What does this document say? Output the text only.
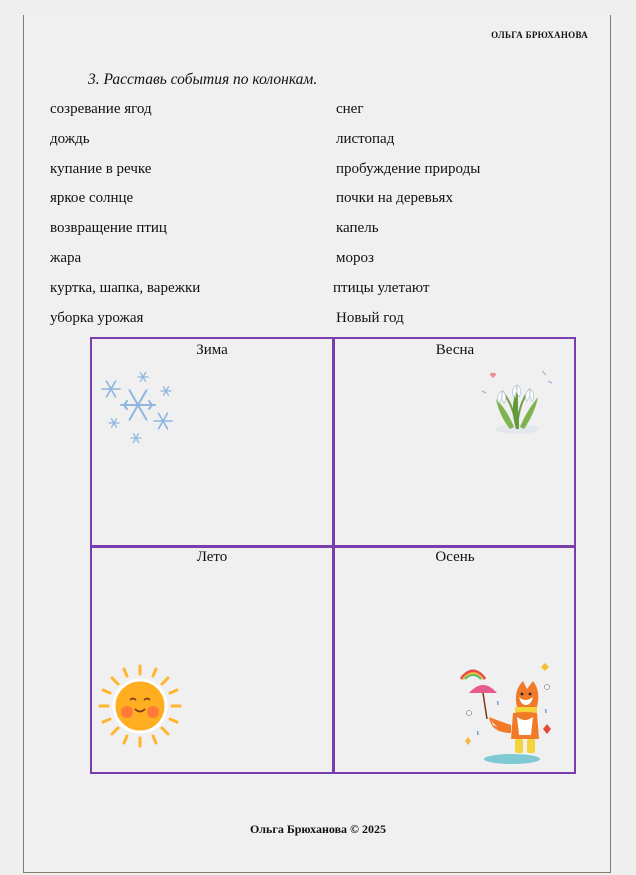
ОЛЬГА БРЮХАНОВА
3. Расставь события по колонкам.
созревание ягод
дождь
купание в речке
яркое солнце
возвращение птиц
жара
куртка, шапка, варежки
уборка урожая
снег
листопад
пробуждение природы
почки на деревьях
капель
мороз
птицы улетают
Новый год
Зима	Весна
Лето	Осень
Ольга Брюханова © 2025
